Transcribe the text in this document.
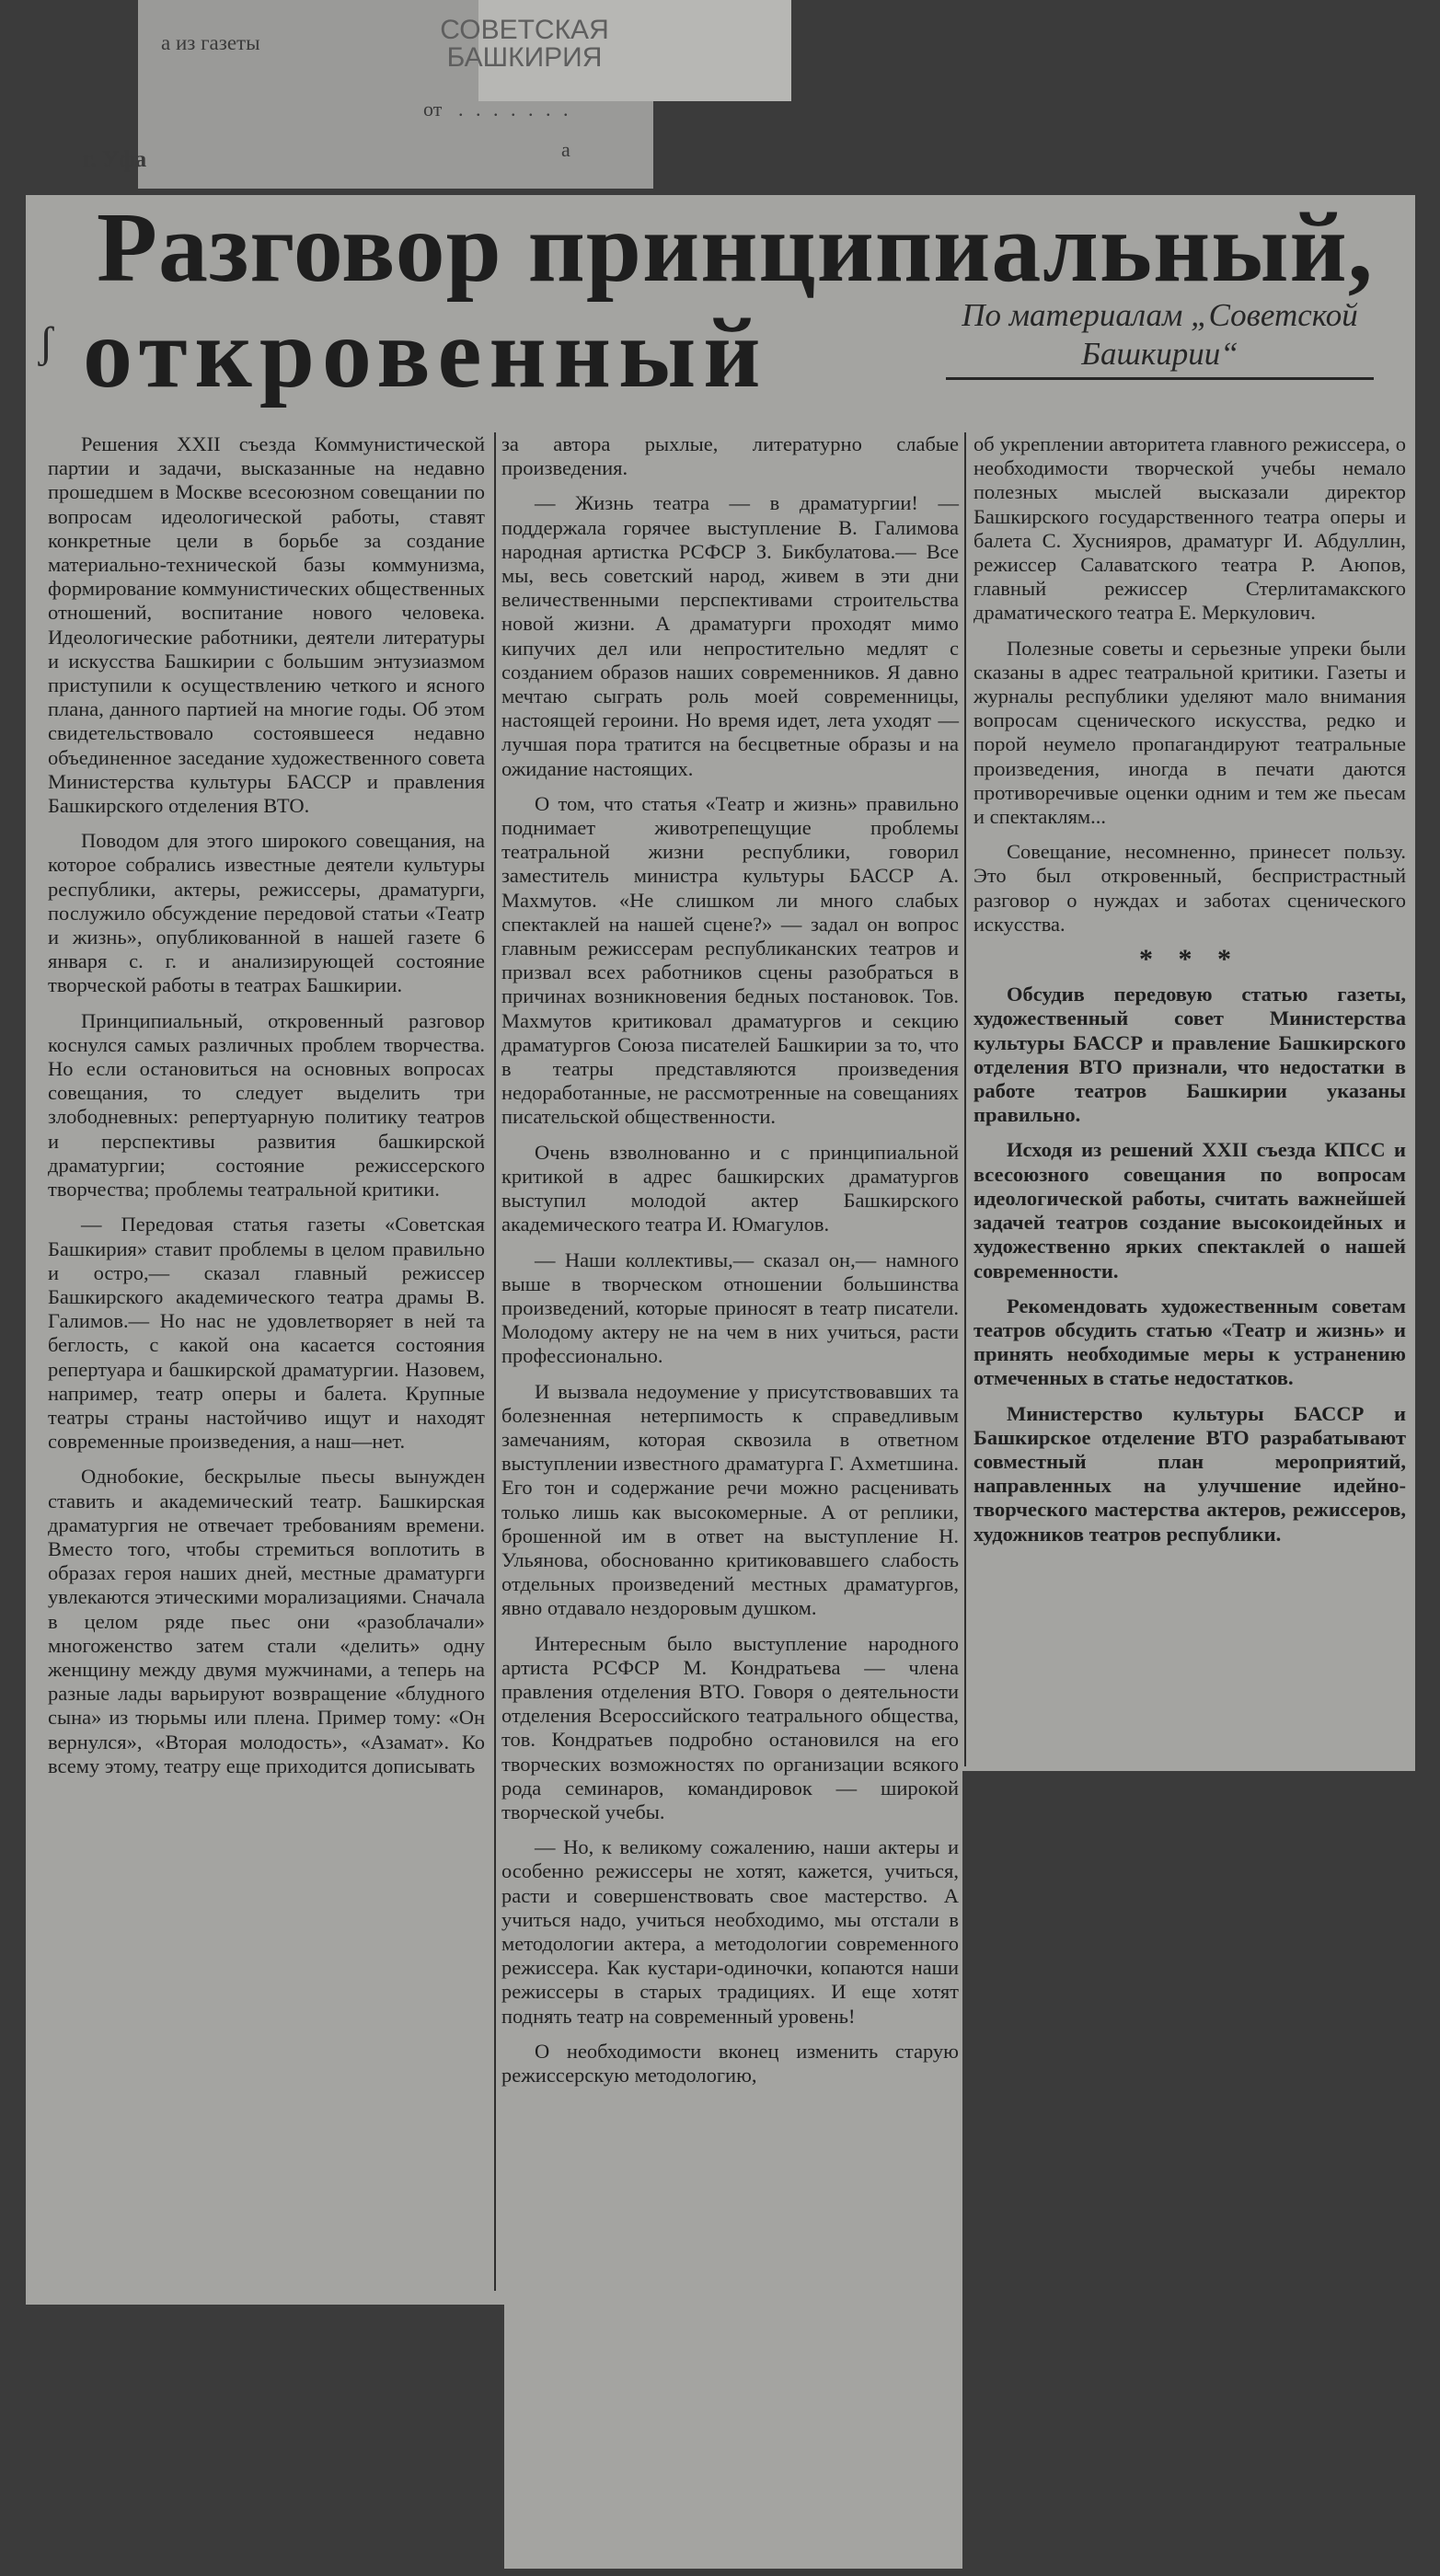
а из газеты	СОВЕТСКАЯ БАШКИРИЯ
от . . . . . . .
г. Уфа	а
ʃ
Разговор принципиальный,
откровенный	По материалам „Советской Башкирии“

Решения XXII съезда Коммунистической партии и задачи, высказанные на недавно прошедшем в Москве всесоюзном совещании по вопросам идеологической работы, ставят конкретные цели в борьбе за создание материально-технической базы коммунизма, формирование коммунистических общественных отношений, воспитание нового человека. Идеологические работники, деятели литературы и искусства Башкирии с большим энтузиазмом приступили к осуществлению четкого и ясного плана, данного партией на многие годы. Об этом свидетельствовало состоявшееся недавно объединенное заседание художественного совета Министерства культуры БАССР и правления Башкирского отделения ВТО.

Поводом для этого широкого совещания, на которое собрались известные деятели культуры республики, актеры, режиссеры, драматурги, послужило обсуждение передовой статьи «Театр и жизнь», опубликованной в нашей газете 6 января с. г. и анализирующей состояние творческой работы в театрах Башкирии.

Принципиальный, откровенный разговор коснулся самых различных проблем творчества. Но если остановиться на основных вопросах совещания, то следует выделить три злободневных: репертуарную политику театров и перспективы развития башкирской драматургии; состояние режиссерского творчества; проблемы театральной критики.

— Передовая статья газеты «Советская Башкирия» ставит проблемы в целом правильно и остро,— сказал главный режиссер Башкирского академического театра драмы В. Галимов.— Но нас не удовлетворяет в ней та беглость, с какой она касается состояния репертуара и башкирской драматургии. Назовем, например, театр оперы и балета. Крупные театры страны настойчиво ищут и находят современные произведения, а наш—нет.

Однобокие, бескрылые пьесы вынужден ставить и академический театр. Башкирская драматургия не отвечает требованиям времени. Вместо того, чтобы стремиться воплотить в образах героя наших дней, местные драматурги увлекаются этическими морализациями. Сначала в целом ряде пьес они «разоблачали» многоженство затем стали «делить» одну женщину между двумя мужчинами, а теперь на разные лады варьируют возвращение «блудного сына» из тюрьмы или плена. Пример тому: «Он вернулся», «Вторая молодость», «Азамат». Ко всему этому, театру еще приходится дописывать

за автора рыхлые, литературно слабые произведения.

— Жизнь театра — в драматургии! —поддержала горячее выступление В. Галимова народная артистка РСФСР З. Бикбулатова.— Все мы, весь советский народ, живем в эти дни величественными перспективами строительства новой жизни. А драматурги проходят мимо кипучих дел или непростительно медлят с созданием образов наших современников. Я давно мечтаю сыграть роль моей современницы, настоящей героини. Но время идет, лета уходят — лучшая пора тратится на бесцветные образы и на ожидание настоящих.

О том, что статья «Театр и жизнь» правильно поднимает животрепещущие проблемы театральной жизни республики, говорил заместитель министра культуры БАССР А. Махмутов. «Не слишком ли много слабых спектаклей на нашей сцене?» — задал он вопрос главным режиссерам республиканских театров и призвал всех работников сцены разобраться в причинах возникновения бедных постановок. Тов. Махмутов критиковал драматургов и секцию драматургов Союза писателей Башкирии за то, что в театры представляются произведения недоработанные, не рассмотренные на совещаниях писательской общественности.

Очень взволнованно и с принципиальной критикой в адрес башкирских драматургов выступил молодой актер Башкирского академического театра И. Юмагулов.

— Наши коллективы,— сказал он,— намного выше в творческом отношении большинства произведений, которые приносят в театр писатели. Молодому актеру не на чем в них учиться, расти профессионально.

И вызвала недоумение у присутствовавших та болезненная нетерпимость к справедливым замечаниям, которая сквозила в ответном выступлении известного драматурга Г. Ахметшина. Его тон и содержание речи можно расценивать только лишь как высокомерные. А от реплики, брошенной им в ответ на выступление Н. Ульянова, обоснованно критиковавшего слабость отдельных произведений местных драматургов, явно отдавало нездоровым душком.

Интересным было выступление народного артиста РСФСР М. Кондратьева — члена правления отделения ВТО. Говоря о деятельности отделения Всероссийского театрального общества, тов. Кондратьев подробно остановился на его творческих возможностях по организации всякого рода семинаров, командировок — широкой творческой учебы.

— Но, к великому сожалению, наши актеры и особенно режиссеры не хотят, кажется, учиться, расти и совершенствовать свое мастерство. А учиться надо, учиться необходимо, мы отстали в методологии актера, а методологии современного режиссера. Как кустари-одиночки, копаются наши режиссеры в старых традициях. И еще хотят поднять театр на современный уровень!

О необходимости вконец изменить старую режиссерскую методологию,

об укреплении авторитета главного режиссера, о необходимости творческой учебы немало полезных мыслей высказали директор Башкирского государственного театра оперы и балета С. Хуснияров, драматург И. Абдуллин, режиссер Салаватского театра Р. Аюпов, главный режиссер Стерлитамакского драматического театра Е. Меркулович.

Полезные советы и серьезные упреки были сказаны в адрес театральной критики. Газеты и журналы республики уделяют мало внимания вопросам сценического искусства, редко и порой неумело пропагандируют театральные произведения, иногда в печати даются противоречивые оценки одним и тем же пьесам и спектаклям...

Совещание, несомненно, принесет пользу. Это был откровенный, беспристрастный разговор о нуждах и заботах сценического искусства.

* * *

Обсудив передовую статью газеты, художественный совет Министерства культуры БАССР и правление Башкирского отделения ВТО признали, что недостатки в работе театров Башкирии указаны правильно.

Исходя из решений XXII съезда КПСС и всесоюзного совещания по вопросам идеологической работы, считать важнейшей задачей театров создание высокоидейных и художественно ярких спектаклей о нашей современности.

Рекомендовать художественным советам театров обсудить статью «Театр и жизнь» и принять необходимые меры к устранению отмеченных в статье недостатков.

Министерство культуры БАССР и Башкирское отделение ВТО разрабатывают совместный план мероприятий, направленных на улучшение идейно-творческого мастерства актеров, режиссеров, художников театров республики.
